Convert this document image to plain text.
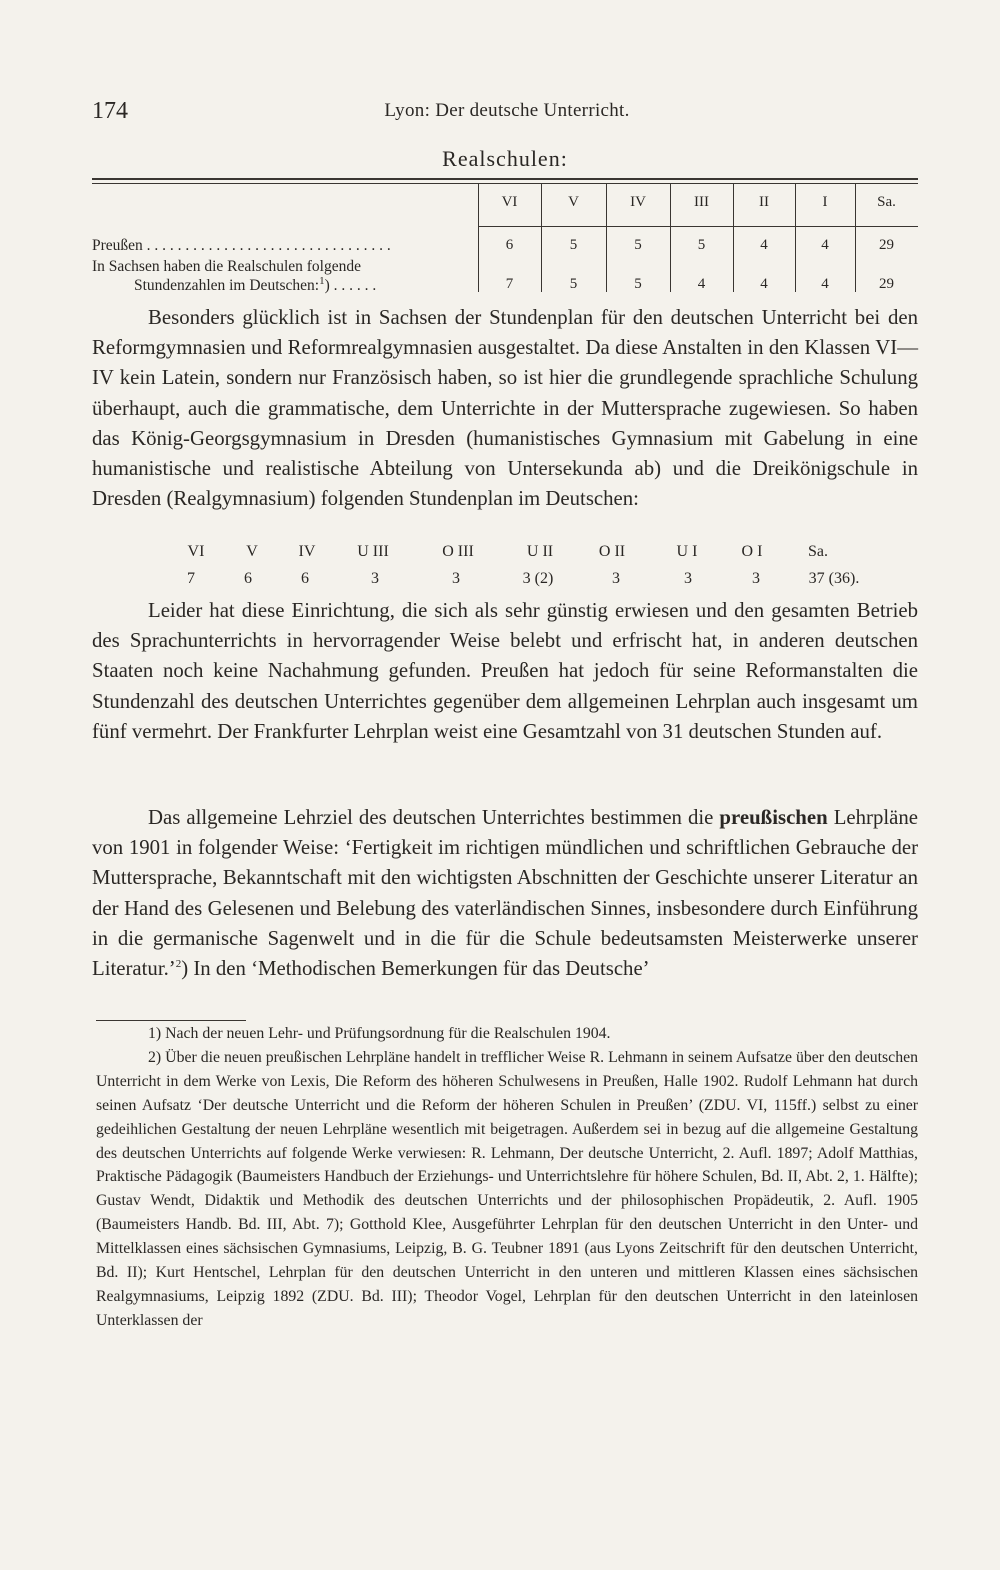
174	Lyon: Der deutsche Unterricht.
Realschulen:
VI	V	IV	III	II	I	Sa.
Preußen . . . . . . . . . . . . . . . . . . . . . . . . . . . . . . . .	6	5	5	5	4	4	29
In Sachsen haben die Realschulen folgende
Stundenzahlen im Deutschen:$^1$) . . . . . .	7	5	5	4	4	4	29

Besonders glücklich ist in Sachsen der Stundenplan für den deutschen Unterricht bei den Reformgymnasien und Reformrealgymnasien ausgestaltet. Da diese Anstalten in den Klassen VI—IV kein Latein, sondern nur Französisch haben, so ist hier die grundlegende sprachliche Schulung überhaupt, auch die grammatische, dem Unterrichte in der Muttersprache zugewiesen. So haben das König-Georgsgymnasium in Dresden (humanistisches Gymnasium mit Gabelung in eine humanistische und realistische Abteilung von Untersekunda ab) und die Dreikönigschule in Dresden (Realgymnasium) folgenden Stundenplan im Deutschen:

VI	V	IV	U III	O III	U II	O II	U I	O I	Sa.
7	6	6	3	3	3 (2)	3	3	3	37 (36).

Leider hat diese Einrichtung, die sich als sehr günstig erwiesen und den gesamten Betrieb des Sprachunterrichts in hervorragender Weise belebt und erfrischt hat, in anderen deutschen Staaten noch keine Nachahmung gefunden. Preußen hat jedoch für seine Reformanstalten die Stundenzahl des deutschen Unterrichtes gegenüber dem allgemeinen Lehrplan auch insgesamt um fünf vermehrt. Der Frankfurter Lehrplan weist eine Gesamtzahl von 31 deutschen Stunden auf.

Das allgemeine Lehrziel des deutschen Unterrichtes bestimmen die preußischen Lehrpläne von 1901 in folgender Weise: ‘Fertigkeit im richtigen mündlichen und schriftlichen Gebrauche der Muttersprache, Bekanntschaft mit den wichtigsten Abschnitten der Geschichte unserer Literatur an der Hand des Gelesenen und Belebung des vaterländischen Sinnes, insbesondere durch Einführung in die germanische Sagenwelt und in die für die Schule bedeutsamsten Meisterwerke unserer Literatur.’$^2$) In den ‘Methodischen Bemerkungen für das Deutsche’

1) Nach der neuen Lehr- und Prüfungsordnung für die Realschulen 1904.

2) Über die neuen preußischen Lehrpläne handelt in trefflicher Weise R. Lehmann in seinem Aufsatze über den deutschen Unterricht in dem Werke von Lexis, Die Reform des höheren Schulwesens in Preußen, Halle 1902. Rudolf Lehmann hat durch seinen Aufsatz ‘Der deutsche Unterricht und die Reform der höheren Schulen in Preußen’ (ZDU. VI, 115ff.) selbst zu einer gedeihlichen Gestaltung der neuen Lehrpläne wesentlich mit beigetragen. Außerdem sei in bezug auf die allgemeine Gestaltung des deutschen Unterrichts auf folgende Werke verwiesen: R. Lehmann, Der deutsche Unterricht, 2. Aufl. 1897; Adolf Matthias, Praktische Pädagogik (Baumeisters Handbuch der Erziehungs- und Unterrichtslehre für höhere Schulen, Bd. II, Abt. 2, 1. Hälfte); Gustav Wendt, Didaktik und Methodik des deutschen Unterrichts und der philosophischen Propädeutik, 2. Aufl. 1905 (Baumeisters Handb. Bd. III, Abt. 7); Gotthold Klee, Ausgeführter Lehrplan für den deutschen Unterricht in den Unter- und Mittelklassen eines sächsischen Gymnasiums, Leipzig, B. G. Teubner 1891 (aus Lyons Zeitschrift für den deutschen Unterricht, Bd. II); Kurt Hentschel, Lehrplan für den deutschen Unterricht in den unteren und mittleren Klassen eines sächsischen Realgymnasiums, Leipzig 1892 (ZDU. Bd. III); Theodor Vogel, Lehrplan für den deutschen Unterricht in den lateinlosen Unterklassen der
